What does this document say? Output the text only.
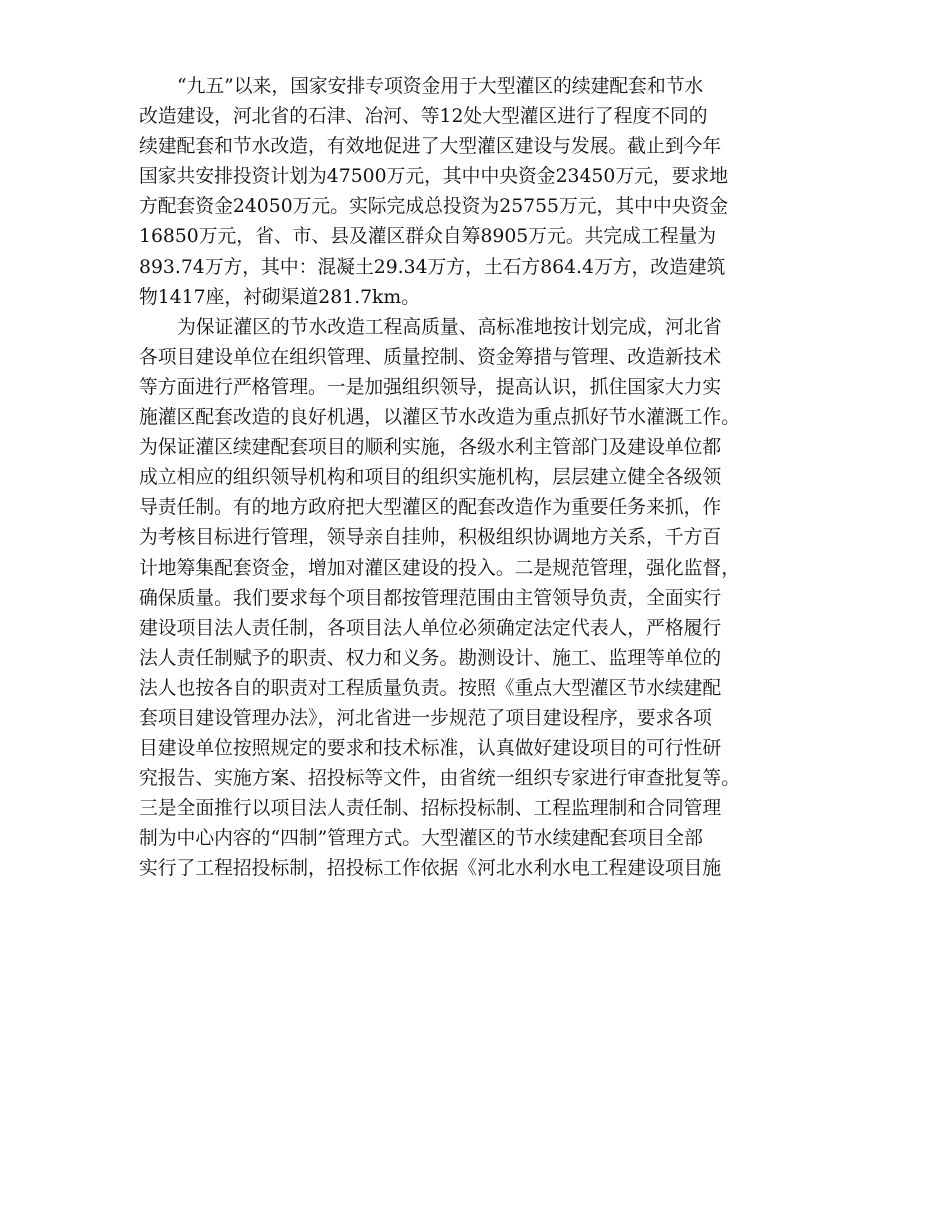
“九五”以来，国家安排专项资金用于大型灌区的续建配套和节水
改造建设，河北省的石津、冶河、等12处大型灌区进行了程度不同的
续建配套和节水改造，有效地促进了大型灌区建设与发展。截止到今年
国家共安排投资计划为47500万元，其中中央资金23450万元，要求地
方配套资金24050万元。实际完成总投资为25755万元，其中中央资金
16850万元，省、市、县及灌区群众自筹8905万元。共完成工程量为
893.74万方，其中：混凝土29.34万方，土石方864.4万方，改造建筑
物1417座，衬砌渠道281.7km。
为保证灌区的节水改造工程高质量、高标准地按计划完成，河北省
各项目建设单位在组织管理、质量控制、资金筹措与管理、改造新技术
等方面进行严格管理。一是加强组织领导，提高认识，抓住国家大力实
施灌区配套改造的良好机遇，以灌区节水改造为重点抓好节水灌溉工作。
为保证灌区续建配套项目的顺利实施，各级水利主管部门及建设单位都
成立相应的组织领导机构和项目的组织实施机构，层层建立健全各级领
导责任制。有的地方政府把大型灌区的配套改造作为重要任务来抓，作
为考核目标进行管理，领导亲自挂帅，积极组织协调地方关系，千方百
计地筹集配套资金，增加对灌区建设的投入。二是规范管理，强化监督，
确保质量。我们要求每个项目都按管理范围由主管领导负责，全面实行
建设项目法人责任制，各项目法人单位必须确定法定代表人，严格履行
法人责任制赋予的职责、权力和义务。勘测设计、施工、监理等单位的
法人也按各自的职责对工程质量负责。按照《重点大型灌区节水续建配
套项目建设管理办法》，河北省进一步规范了项目建设程序，要求各项
目建设单位按照规定的要求和技术标准，认真做好建设项目的可行性研
究报告、实施方案、招投标等文件，由省统一组织专家进行审查批复等。
三是全面推行以项目法人责任制、招标投标制、工程监理制和合同管理
制为中心内容的“四制”管理方式。大型灌区的节水续建配套项目全部
实行了工程招投标制，招投标工作依据《河北水利水电工程建设项目施
